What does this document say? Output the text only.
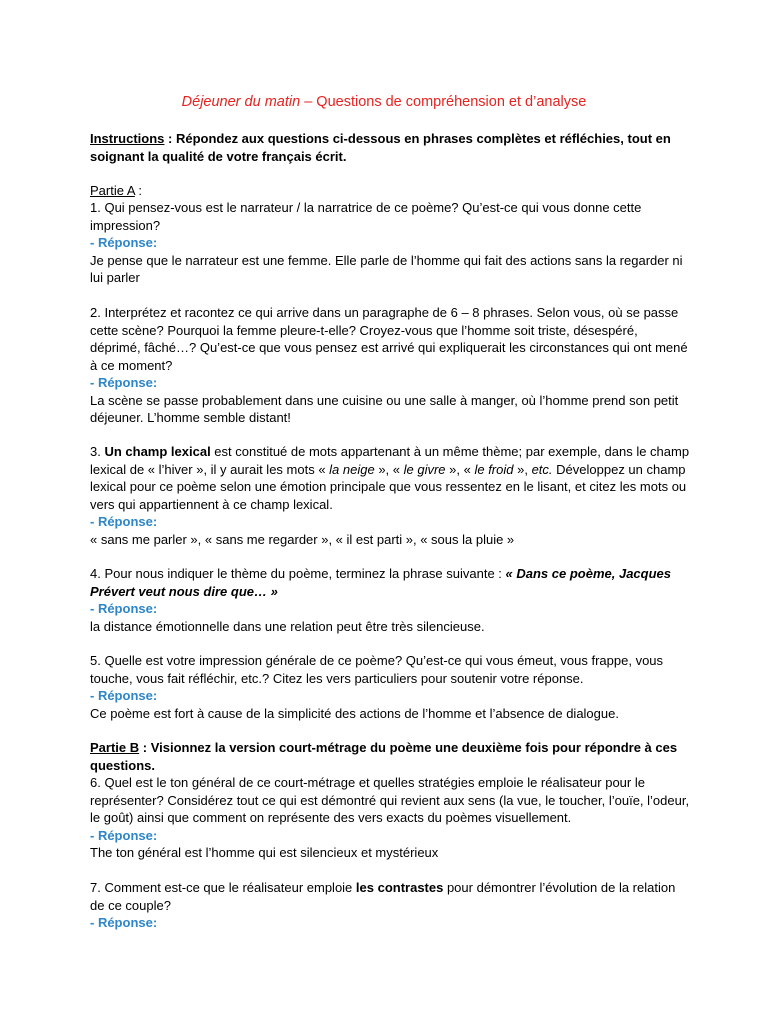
Déjeuner du matin – Questions de compréhension et d’analyse
Instructions : Répondez aux questions ci-dessous en phrases complètes et réfléchies, tout en soignant la qualité de votre français écrit.
Partie A :

1. Qui pensez-vous est le narrateur / la narratrice de ce poème? Qu’est-ce qui vous donne cette impression?

- Réponse:

Je pense que le narrateur est une femme. Elle parle de l’homme qui fait des actions sans la regarder ni lui parler

2. Interprétez et racontez ce qui arrive dans un paragraphe de 6 – 8 phrases. Selon vous, où se passe cette scène? Pourquoi la femme pleure-t-elle? Croyez-vous que l’homme soit triste, désespéré, déprimé, fâché…? Qu’est-ce que vous pensez est arrivé qui expliquerait les circonstances qui ont mené à ce moment?

- Réponse:

La scène se passe probablement dans une cuisine ou une salle à manger, où l’homme prend son petit déjeuner. L’homme semble distant!

3. Un champ lexical est constitué de mots appartenant à un même thème; par exemple, dans le champ lexical de « l’hiver », il y aurait les mots « la neige », « le givre », « le froid », etc. Développez un champ lexical pour ce poème selon une émotion principale que vous ressentez en le lisant, et citez les mots ou vers qui appartiennent à ce champ lexical.

- Réponse:

« sans me parler », « sans me regarder », « il est parti », « sous la pluie »

4. Pour nous indiquer le thème du poème, terminez la phrase suivante : « Dans ce poème, Jacques Prévert veut nous dire que… »

- Réponse:

la distance émotionnelle dans une relation peut être très silencieuse.

5. Quelle est votre impression générale de ce poème? Qu’est-ce qui vous émeut, vous frappe, vous touche, vous fait réfléchir, etc.? Citez les vers particuliers pour soutenir votre réponse.

- Réponse:

Ce poème est fort à cause de la simplicité des actions de l’homme et l’absence de dialogue.

Partie B : Visionnez la version court-métrage du poème une deuxième fois pour répondre à ces questions.

6. Quel est le ton général de ce court-métrage et quelles stratégies emploie le réalisateur pour le représenter? Considérez tout ce qui est démontré qui revient aux sens (la vue, le toucher, l’ouïe, l’odeur, le goût) ainsi que comment on représente des vers exacts du poèmes visuellement.

- Réponse:

The ton général est l’homme qui est silencieux et mystérieux

7. Comment est-ce que le réalisateur emploie les contrastes pour démontrer l’évolution de la relation de ce couple?

- Réponse:
